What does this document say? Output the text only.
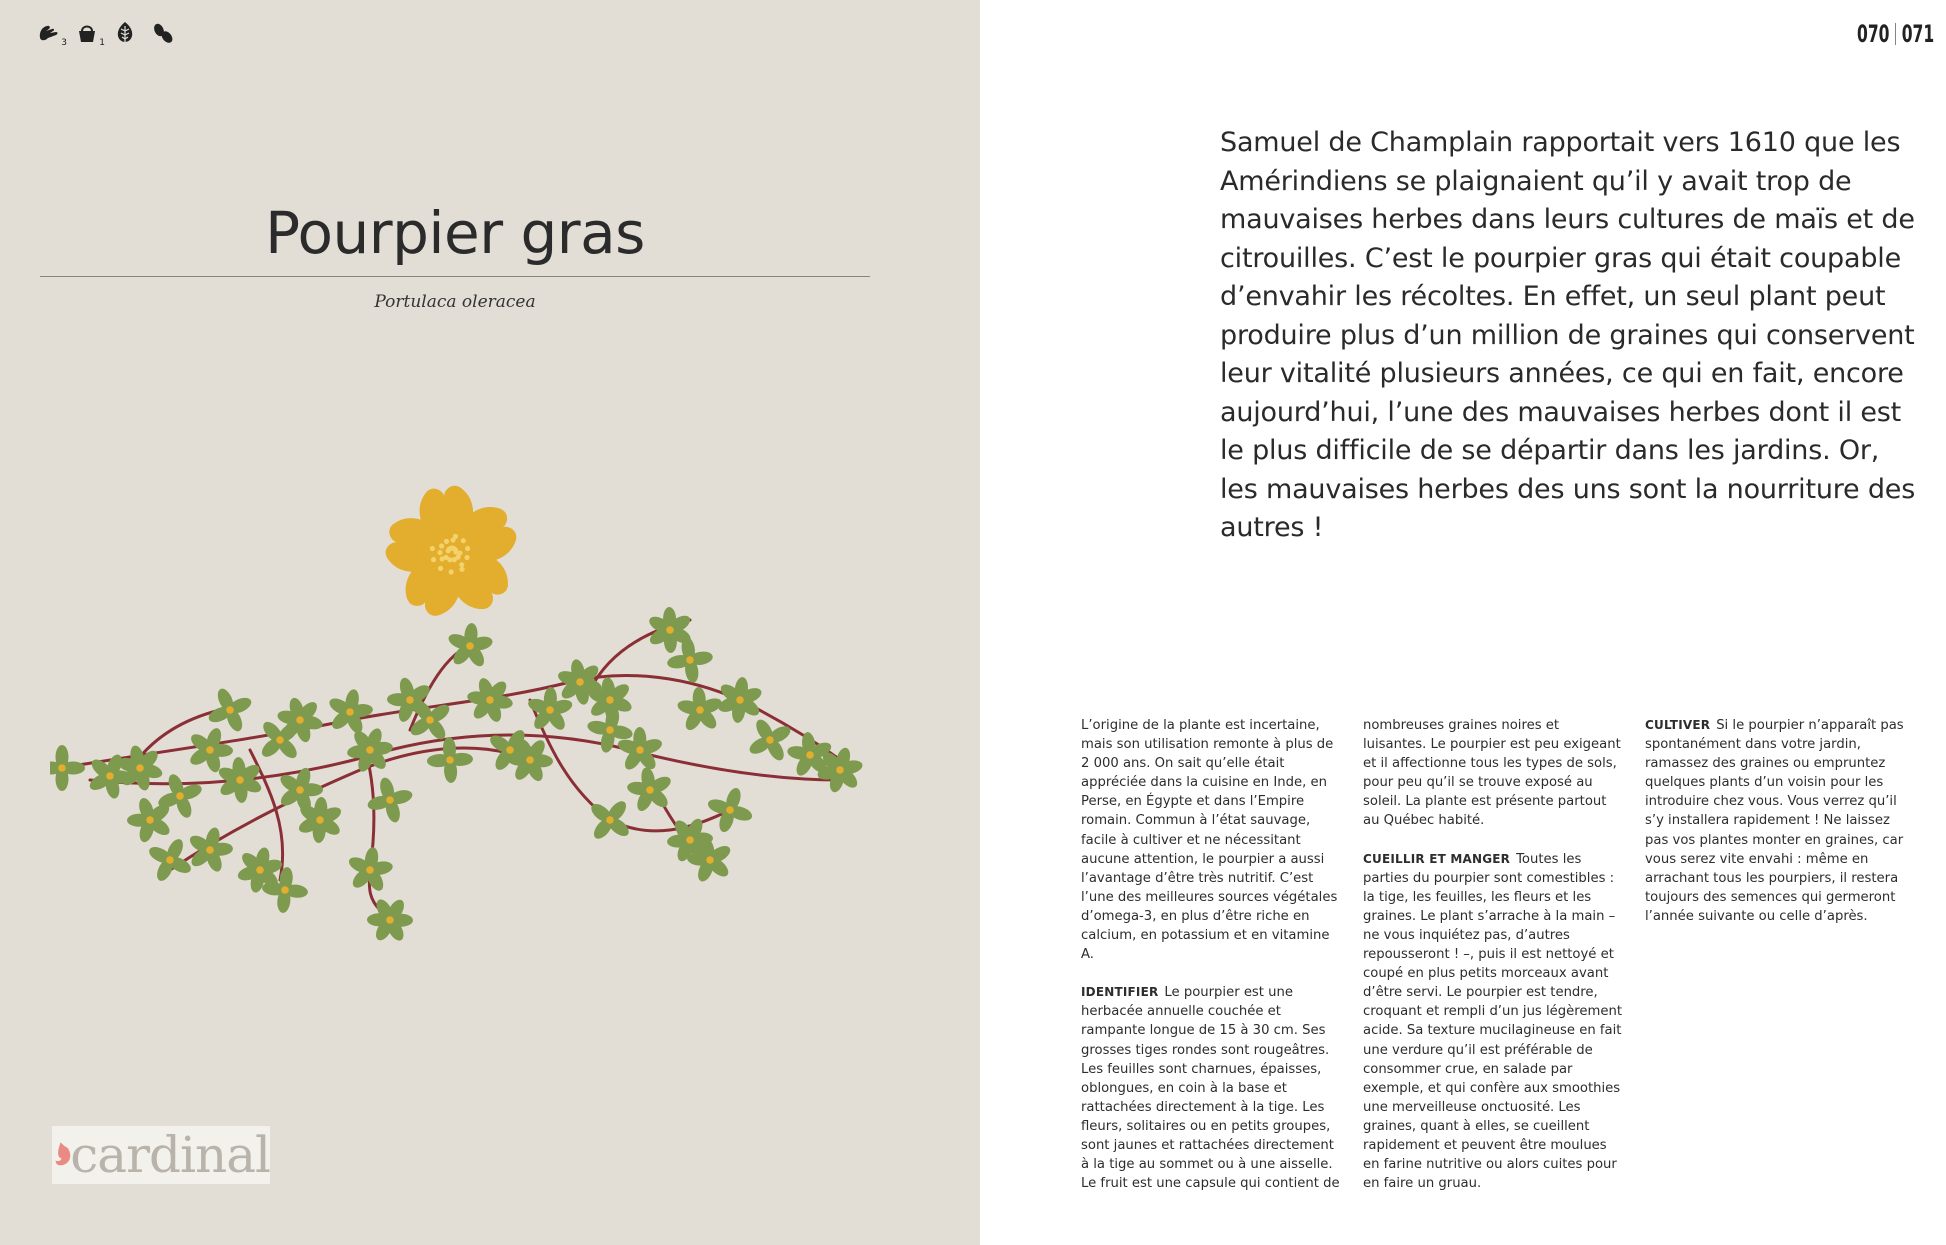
3	1
Pourpier gras
Portulaca oleracea
cardinal
070 071

Samuel de Champlain rapportait vers 1610 que les Amérindiens se plaignaient qu’il y avait trop de mauvaises herbes dans leurs cultures de maïs et de citrouilles. C’est le pourpier gras qui était coupable d’envahir les récoltes. En effet, un seul plant peut produire plus d’un million de graines qui conservent leur vitalité plusieurs années, ce qui en fait, encore aujourd’hui, l’une des mauvaises herbes dont il est le plus difficile de se départir dans les jardins. Or, les mauvaises herbes des uns sont la nourriture des autres !

L’origine de la plante est incertaine, mais son utilisation remonte à plus de 2 000 ans. On sait qu’elle était appréciée dans la cuisine en Inde, en Perse, en Égypte et dans l’Empire romain. Commun à l’état sauvage, facile à cultiver et ne nécessitant aucune attention, le pourpier a aussi l’avantage d’être très nutritif. C’est l’une des meilleures sources végétales d’omega-3, en plus d’être riche en calcium, en potassium et en vitamine A.

IDENTIFIER Le pourpier est une herbacée annuelle couchée et rampante longue de 15 à 30 cm. Ses grosses tiges rondes sont rougeâtres. Les feuilles sont charnues, épaisses, oblongues, en coin à la base et rattachées directement à la tige. Les fleurs, solitaires ou en petits groupes, sont jaunes et rattachées directement à la tige au sommet ou à une aisselle. Le fruit est une capsule qui contient de

nombreuses graines noires et luisantes. Le pourpier est peu exigeant et il affectionne tous les types de sols, pour peu qu’il se trouve exposé au soleil. La plante est présente partout au Québec habité.

CUEILLIR ET MANGER Toutes les parties du pourpier sont comestibles : la tige, les feuilles, les fleurs et les graines. Le plant s’arrache à la main – ne vous inquiétez pas, d’autres repousseront ! –, puis il est nettoyé et coupé en plus petits morceaux avant d’être servi. Le pourpier est tendre, croquant et rempli d’un jus légèrement acide. Sa texture mucilagineuse en fait une verdure qu’il est préférable de consommer crue, en salade par exemple, et qui confère aux smoothies une merveilleuse onctuosité. Les graines, quant à elles, se cueillent rapidement et peuvent être moulues en farine nutritive ou alors cuites pour en faire un gruau.

CULTIVER Si le pourpier n’apparaît pas spontanément dans votre jardin, ramassez des graines ou empruntez quelques plants d’un voisin pour les introduire chez vous. Vous verrez qu’il s’y installera rapidement ! Ne laissez pas vos plantes monter en graines, car vous serez vite envahi : même en arrachant tous les pourpiers, il restera toujours des semences qui germeront l’année suivante ou celle d’après.
